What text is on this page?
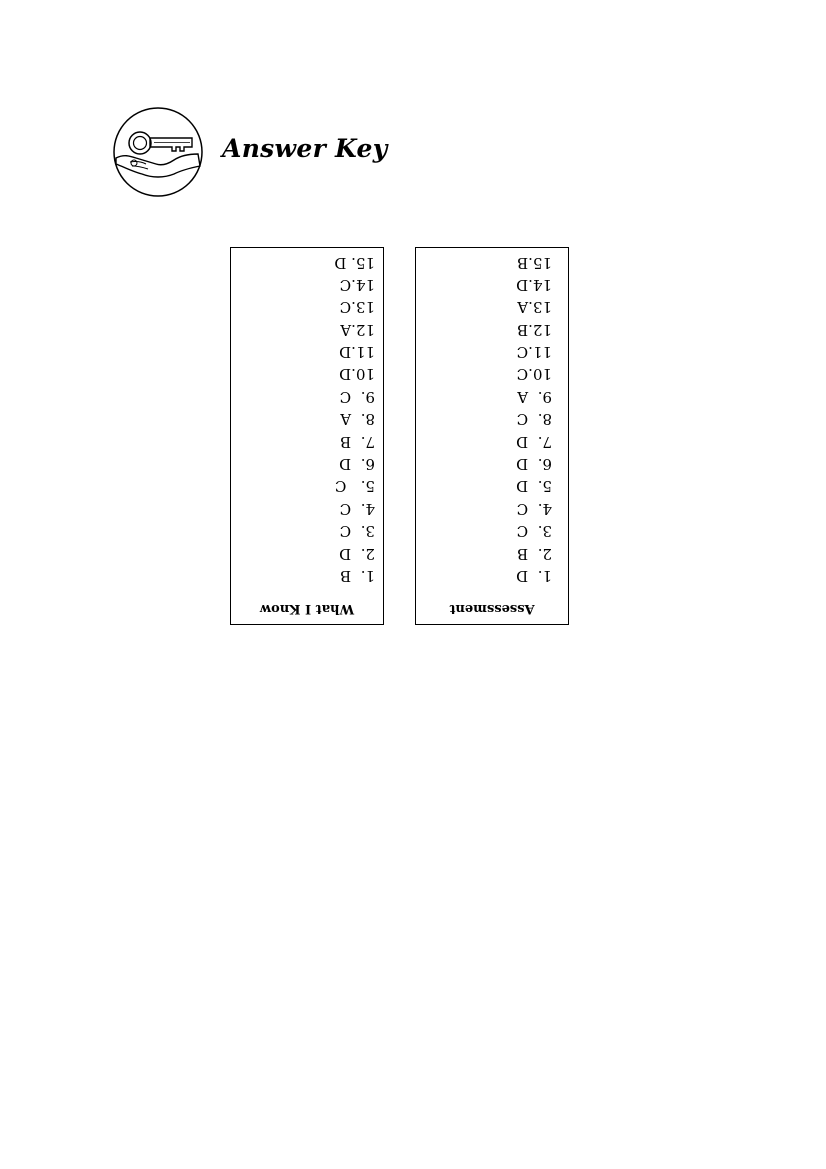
Answer Key
What I Know
1.  B
2.  D
3.  C
4.  C
5.   C
6.  D
7.  B
8.  A
9.  C
10.D
11.D
12.A
13.C
14.C
15. D
Assessment
1.  D
2.  B
3.  C
4.  C
5.  D
6.  D
7.  D
8.  C
9.  A
10.C
11.C
12.B
13.A
14.D
15.B
